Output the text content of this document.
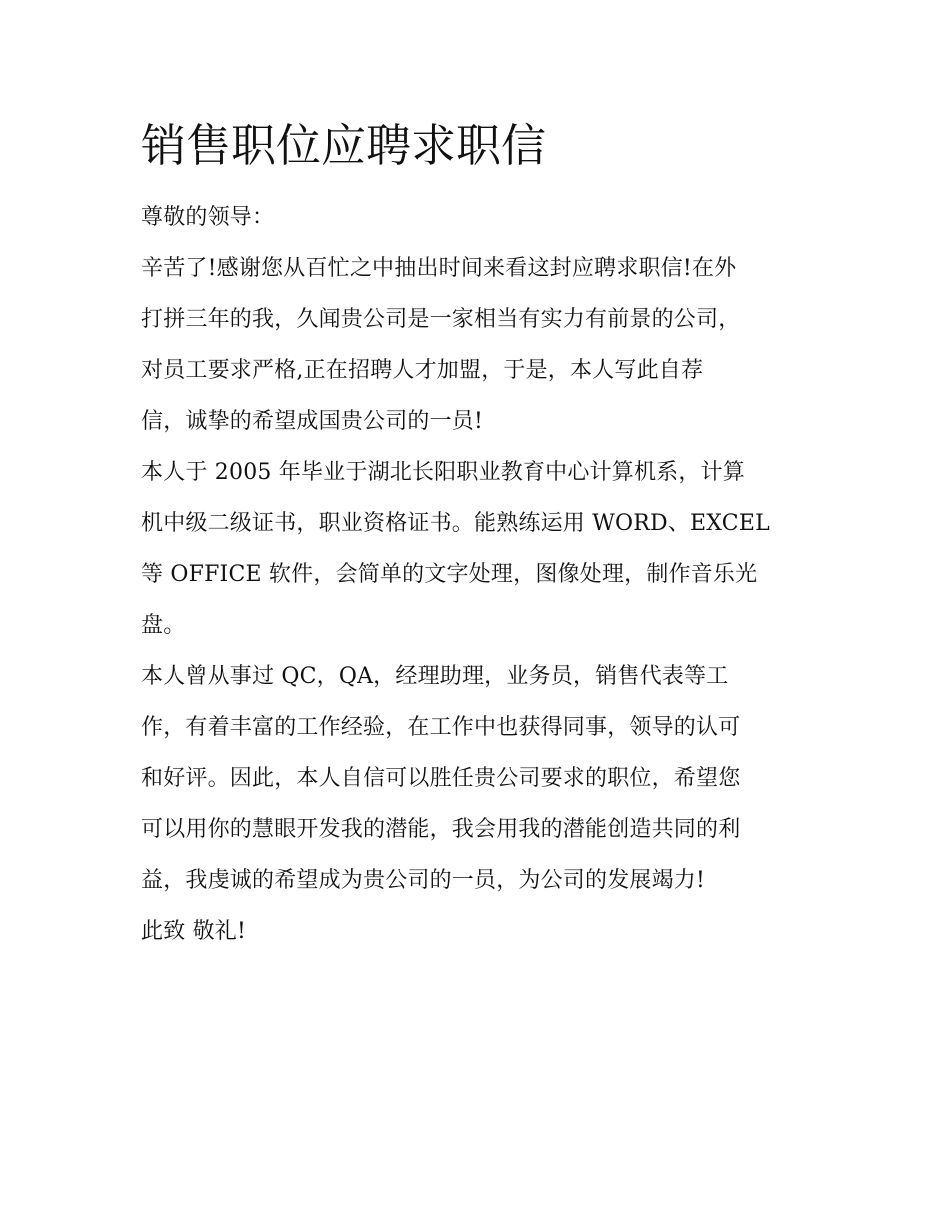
销售职位应聘求职信
尊敬的领导：
辛苦了!感谢您从百忙之中抽出时间来看这封应聘求职信!在外
打拼三年的我，久闻贵公司是一家相当有实力有前景的公司，
对员工要求严格,正在招聘人才加盟，于是，本人写此自荐
信，诚挚的希望成国贵公司的一员!
本人于 2005 年毕业于湖北长阳职业教育中心计算机系，计算
机中级二级证书，职业资格证书。能熟练运用 WORD、EXCEL
等 OFFICE 软件，会简单的文字处理，图像处理，制作音乐光
盘。
本人曾从事过 QC，QA，经理助理，业务员，销售代表等工
作，有着丰富的工作经验，在工作中也获得同事，领导的认可
和好评。因此，本人自信可以胜任贵公司要求的职位，希望您
可以用你的慧眼开发我的潜能，我会用我的潜能创造共同的利
益，我虔诚的希望成为贵公司的一员，为公司的发展竭力!
此致 敬礼!
